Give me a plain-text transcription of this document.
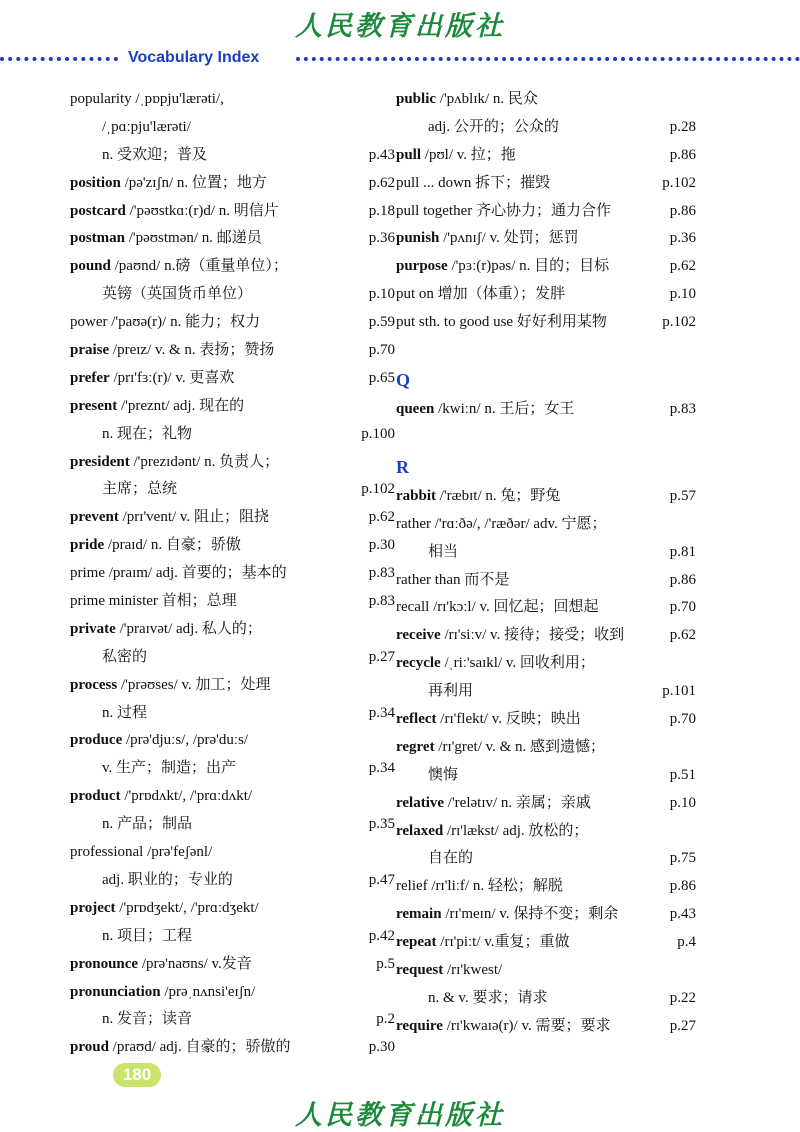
人民教育出版社
Vocabulary Index
popularity /ˌpɒpju'lærəti/,
/ˌpɑːpju'lærəti/
n. 受欢迎；普及	p.43
position /pə'zɪʃn/ n. 位置；地方	p.62
postcard /'pəʊstkɑː(r)d/ n. 明信片	p.18
postman /'pəʊstmən/ n. 邮递员	p.36
pound /paʊnd/ n.磅（重量单位）；
英镑（英国货币单位）	p.10
power /'paʊə(r)/ n. 能力；权力	p.59
praise /preɪz/ v. & n. 表扬；赞扬	p.70
prefer /prɪ'fɜː(r)/ v. 更喜欢	p.65
present /'preznt/ adj. 现在的
n. 现在；礼物	p.100
president /'prezɪdənt/ n. 负责人；
主席；总统	p.102
prevent /prɪ'vent/ v. 阻止；阻挠	p.62
pride /praɪd/ n. 自豪；骄傲	p.30
prime /praɪm/ adj. 首要的；基本的	p.83
prime minister 首相；总理	p.83
private /'praɪvət/ adj. 私人的；
私密的	p.27
process /'prəʊses/ v. 加工；处理
n. 过程	p.34
produce /prə'djuːs/, /prə'duːs/
v. 生产；制造；出产	p.34
product /'prɒdʌkt/, /'prɑːdʌkt/
n. 产品；制品	p.35
professional /prə'feʃənl/
adj. 职业的；专业的	p.47
project /'prɒdʒekt/, /'prɑːdʒekt/
n. 项目；工程	p.42
pronounce /prə'naʊns/ v.发音	p.5
pronunciation /prəˌnʌnsi'eɪʃn/
n. 发音；读音	p.2
proud /praʊd/ adj. 自豪的；骄傲的	p.30
public /'pʌblɪk/ n. 民众
adj. 公开的；公众的	p.28
pull /pʊl/ v. 拉；拖	p.86
pull ... down 拆下；摧毁	p.102
pull together 齐心协力；通力合作	p.86
punish /'pʌnɪʃ/ v. 处罚；惩罚	p.36
purpose /'pɜː(r)pəs/ n. 目的；目标	p.62
put on 增加（体重）；发胖	p.10
put sth. to good use 好好利用某物	p.102
Q
queen /kwiːn/ n. 王后；女王	p.83
R
rabbit /'ræbɪt/ n. 兔；野兔	p.57
rather /'rɑːðə/, /'ræðər/ adv. 宁愿；
相当	p.81
rather than 而不是	p.86
recall /rɪ'kɔːl/ v. 回忆起；回想起	p.70
receive /rɪ'siːv/ v. 接待；接受；收到	p.62
recycle /ˌriː'saɪkl/ v. 回收利用；
再利用	p.101
reflect /rɪ'flekt/ v. 反映；映出	p.70
regret /rɪ'gret/ v. & n. 感到遗憾；
懊悔	p.51
relative /'relətɪv/ n. 亲属；亲戚	p.10
relaxed /rɪ'lækst/ adj. 放松的；
自在的	p.75
relief /rɪ'liːf/ n. 轻松；解脱	p.86
remain /rɪ'meɪn/ v. 保持不变；剩余	p.43
repeat /rɪ'piːt/ v.重复；重做	p.4
request /rɪ'kwest/
n. & v. 要求；请求	p.22
require /rɪ'kwaɪə(r)/ v. 需要；要求	p.27
180
人民教育出版社
